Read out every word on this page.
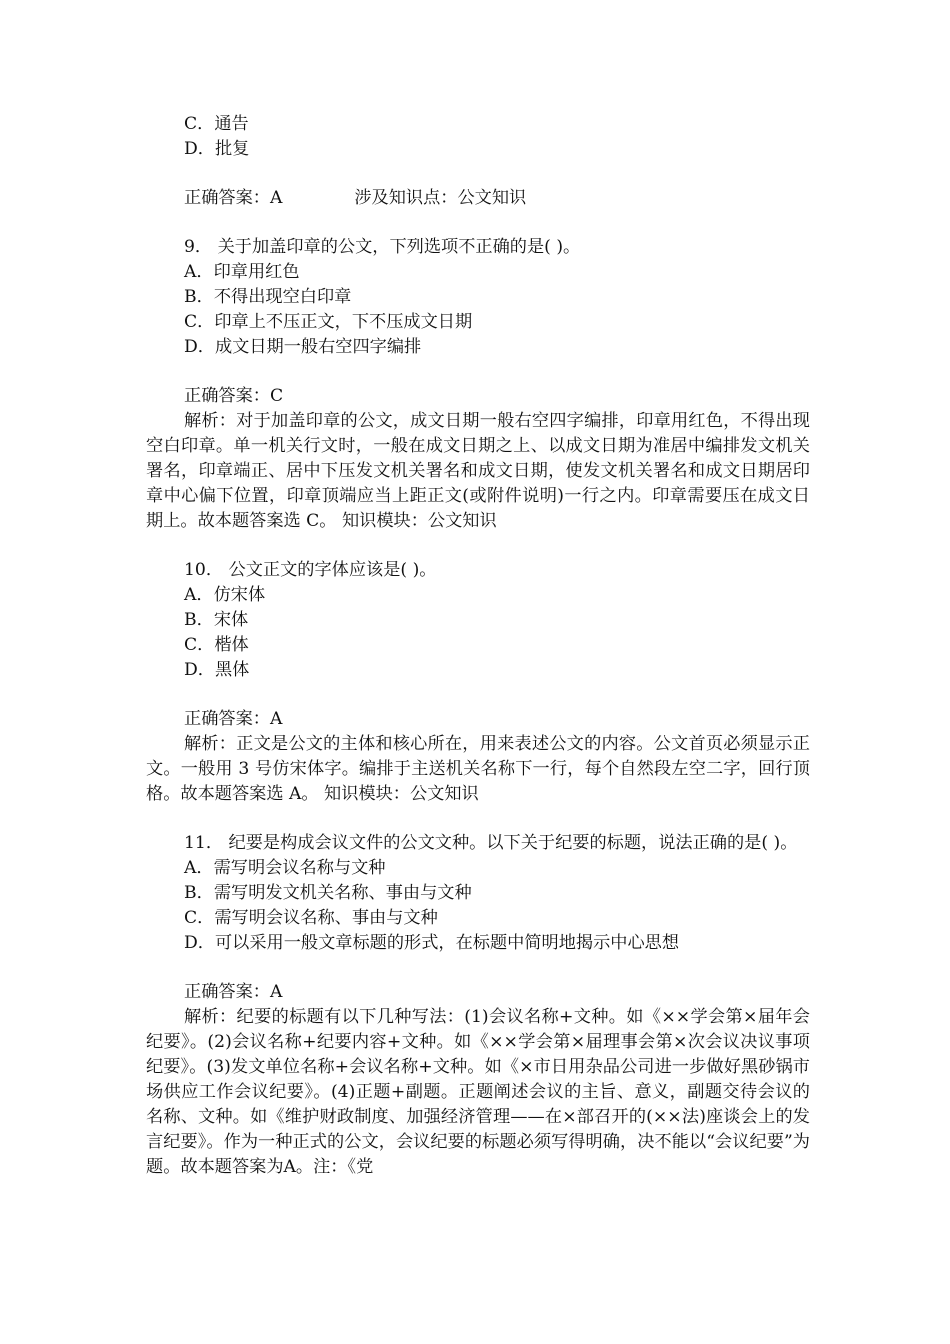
C．通告
D．批复
正确答案：A	涉及知识点：公文知识
9． 关于加盖印章的公文，下列选项不正确的是( )。
A．印章用红色
B．不得出现空白印章
C．印章上不压正文，下不压成文日期
D．成文日期一般右空四字编排
正确答案：C
解析：对于加盖印章的公文，成文日期一般右空四字编排，印章用红色，不得出现空白印章。单一机关行文时，一般在成文日期之上、以成文日期为准居中编排发文机关署名，印章端正、居中下压发文机关署名和成文日期，使发文机关署名和成文日期居印章中心偏下位置，印章顶端应当上距正文(或附件说明)一行之内。印章需要压在成文日期上。故本题答案选 C。 知识模块：公文知识
10． 公文正文的字体应该是( )。
A．仿宋体
B．宋体
C．楷体
D．黑体
正确答案：A
解析：正文是公文的主体和核心所在，用来表述公文的内容。公文首页必须显示正文。一般用 3 号仿宋体字。编排于主送机关名称下一行，每个自然段左空二字，回行顶格。故本题答案选 A。 知识模块：公文知识
11． 纪要是构成会议文件的公文文种。以下关于纪要的标题，说法正确的是( )。
A．需写明会议名称与文种
B．需写明发文机关名称、事由与文种
C．需写明会议名称、事由与文种
D．可以采用一般文章标题的形式，在标题中简明地揭示中心思想
正确答案：A
解析：纪要的标题有以下几种写法：(1)会议名称+文种。如《××学会第×届年会纪要》。(2)会议名称+纪要内容+文种。如《××学会第×届理事会第×次会议决议事项纪要》。(3)发文单位名称+会议名称+文种。如《×市日用杂品公司进一步做好黑砂锅市场供应工作会议纪要》。(4)正题+副题。正题阐述会议的主旨、意义，副题交待会议的名称、文种。如《维护财政制度、加强经济管理——在×部召开的(××法)座谈会上的发言纪要》。作为一种正式的公文，会议纪要的标题必须写得明确，决不能以“会议纪要”为题。故本题答案为A。注：《党
